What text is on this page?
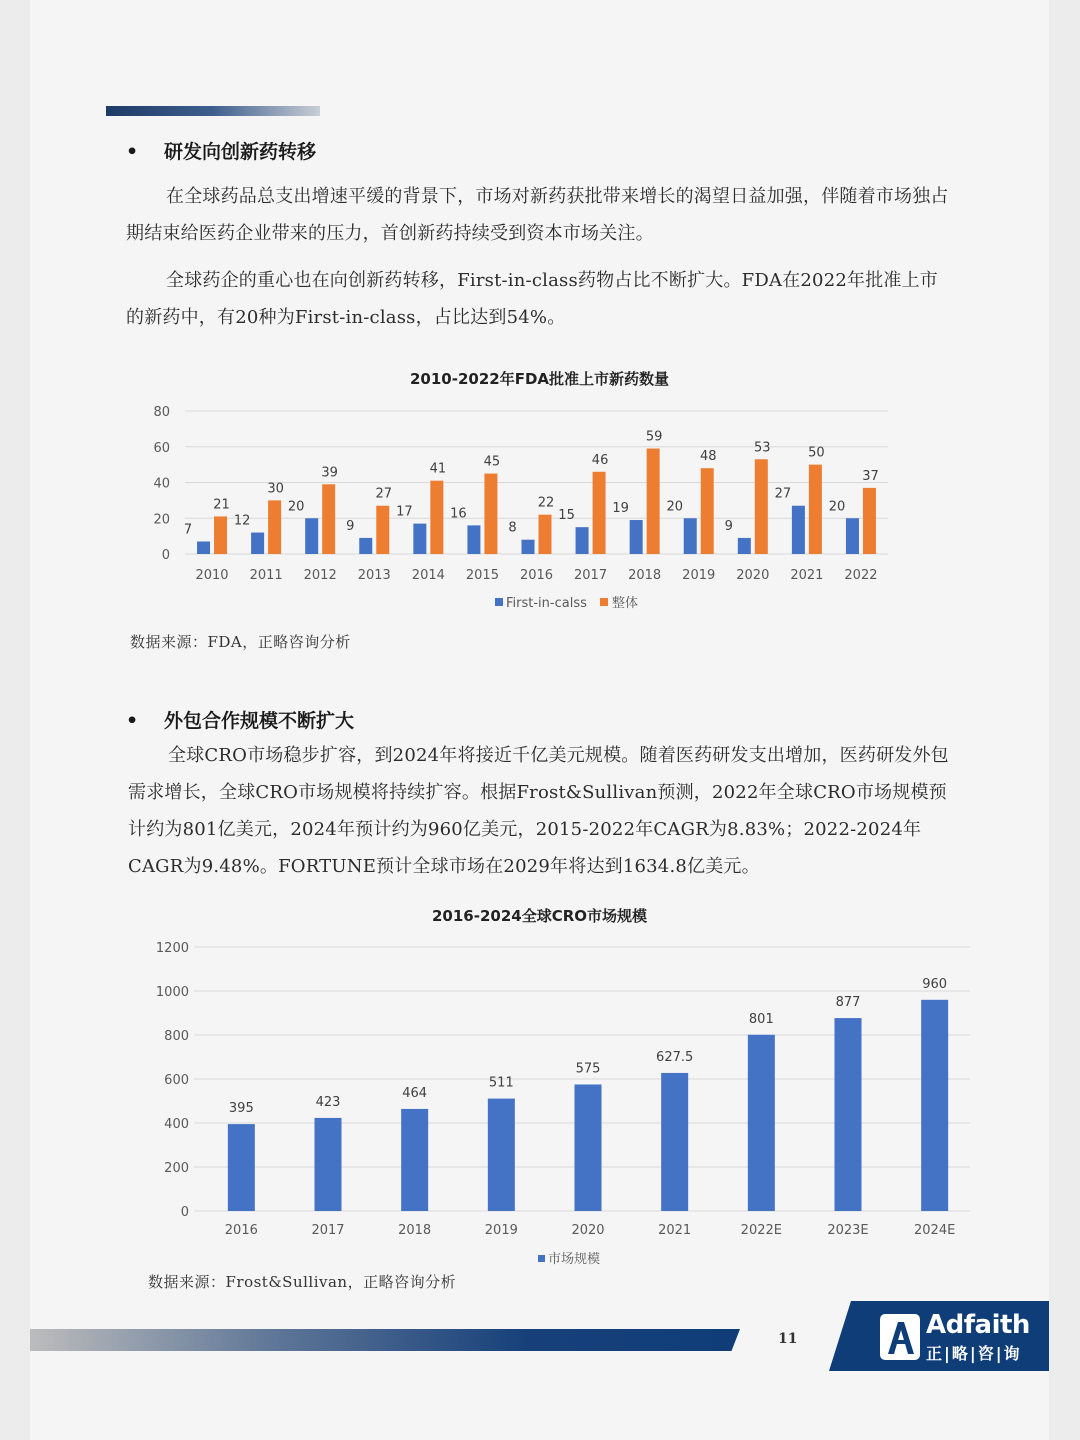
• 研发向创新药转移

在全球药品总支出增速平缓的背景下，市场对新药获批带来增长的渴望日益加强，伴随着市场独占期结束给医药企业带来的压力，首创新药持续受到资本市场关注。

全球药企的重心也在向创新药转移，First-in-class药物占比不断扩大。FDA在2022年批准上市的新药中，有20种为First-in-class，占比达到54%。

2010-2022年FDA批准上市新药数量
0
20
40
60
80
7
21
2010
12
30
2011
20
39
2012
9
27
2013
17
41
2014
16
45
2015
8
22
2016
15
46
2017
19
59
2018
20
48
2019
9
53
2020
27
50
2021
20
37
2022
First-in-calss 整体
数据来源：FDA，正略咨询分析
• 外包合作规模不断扩大

全球CRO市场稳步扩容，到2024年将接近千亿美元规模。随着医药研发支出增加，医药研发外包需求增长，全球CRO市场规模将持续扩容。根据Frost&Sullivan预测，2022年全球CRO市场规模预计约为801亿美元，2024年预计约为960亿美元，2015-2022年CAGR为8.83%；2022-2024年CAGR为9.48%。FORTUNE预计全球市场在2029年将达到1634.8亿美元。

2016-2024全球CRO市场规模
0
200
400
600
800
1000
1200
395
2016
423
2017
464
2018
511
2019
575
2020
627.5
2021
801
2022E
877
2023E
960
2024E
市场规模
数据来源：Frost&Sullivan，正略咨询分析
11	Adfaith
正|略|咨|询
